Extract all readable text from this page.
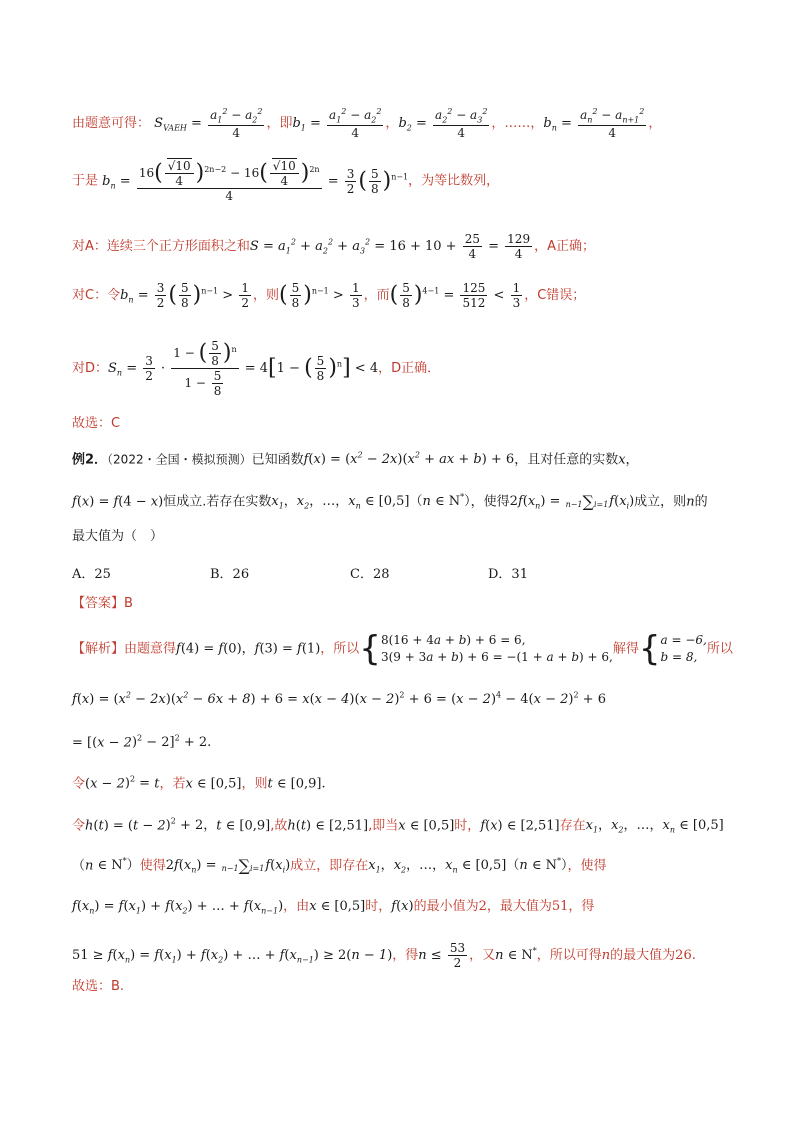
由题意可得： $S_{VAEH} = \frac{a_1^2 - a_2^2}{4}$ ，即$b_1 = \frac{a_1^2 - a_2^2}{4}$ ，$b_2 = \frac{a_2^2 - a_3^2}{4}$ ，……，$b_n = \frac{a_n^2 - a_{n+1}^2}{4}$ ，
于是 $b_n = \frac{16( \frac{√10}{4} )^{2n-2} - 16( \frac{√10}{4} )^{2n}}{4} = \frac{3}{2}$ ( $\frac{5}{8} )^{n-1}$，为等比数列，
对A：连续三个正方形面积之和$S = a_1^2 + a_2^2 + a_3^2 = 16 + 10 + \frac{25}{4} = \frac{129}{4}$ ，A正确；
对C：令$b_n = \frac{3}{2}$ ( $\frac{5}{8} )^{n-1} > \frac{1}{2}$ ，则( $\frac{5}{8} )^{n-1} > \frac{1}{3}$ ，而( $\frac{5}{8} )^{4-1} = \frac{125}{512} < \frac{1}{3}$ ，C错误；
对D：$S_n = \frac{3}{2} \cdot \frac{1 - ( \frac{5}{8} )^n}{1 - \frac{5}{8}} = 4[1$ − ( $\frac{5}{8} )^n] < 4$，D正确．
故选：C
例2．（2022・全国・模拟预测）已知函数$f(x) = (x^2 - 2x)(x^2$ + ax + b) + 6，且对任意的实数x，
f(x) = f(4 − x)恒成立.若存在实数$x_1$，$x_2$，…，$x_n$ ∈ [0,5]（n ∈ N*），使得$2f(x_n) = n-1\sum i=1f(x_i)$成立，则n的
最大值为（　）
A．25	B．26	C．28	D．31
【答案】B
【解析】由题意得f(4) = f(0)，f(3) = f(1)，所以{8(16 + 4a + b) + 6 = 6,
3(9 + 3a + b) + 6 = −(1 + a + b) + 6,解得{a = −6,
b = 8,所以
$f(x) = (x^2 - 2x)(x^2 - 6x + 8) + 6 = x(x - 4)(x - 2)^2 + 6 = (x - 2)^4 - 4(x - 2)^2 + 6$
= $[(x - 2)^2 - 2]^2 + 2$.
令$(x - 2)^2 = t$，若x ∈ [0,5]，则t ∈ [0,9].
令$h(t) = (t - 2)^2 + 2$，t ∈ [0,9],故h(t) ∈ [2,51],即当x ∈ [0,5]时，f(x) ∈ [2,51]存在$x_1$，$x_2$，…，$x_n$ ∈ [0,5]
（n ∈ N*）使得$2f(x_n) = n-1\sum i=1f(x_i)$成立，即存在$x_1$，$x_2$，…，$x_n$ ∈ [0,5]（n ∈ N*），使得
$f(x_n) = f(x_1) + f(x_2)$ + … + $f(x_{n-1})$，由x ∈ [0,5]时，f(x)的最小值为2，最大值为51，得
$51 \ge f(x_n) = f(x_1) + f(x_2)$ + … + $f(x_{n-1}) \ge 2(n - 1)$，得$n \le \frac{53}{2}$ ，又n ∈ N*，所以可得n的最大值为26.
故选：B.
